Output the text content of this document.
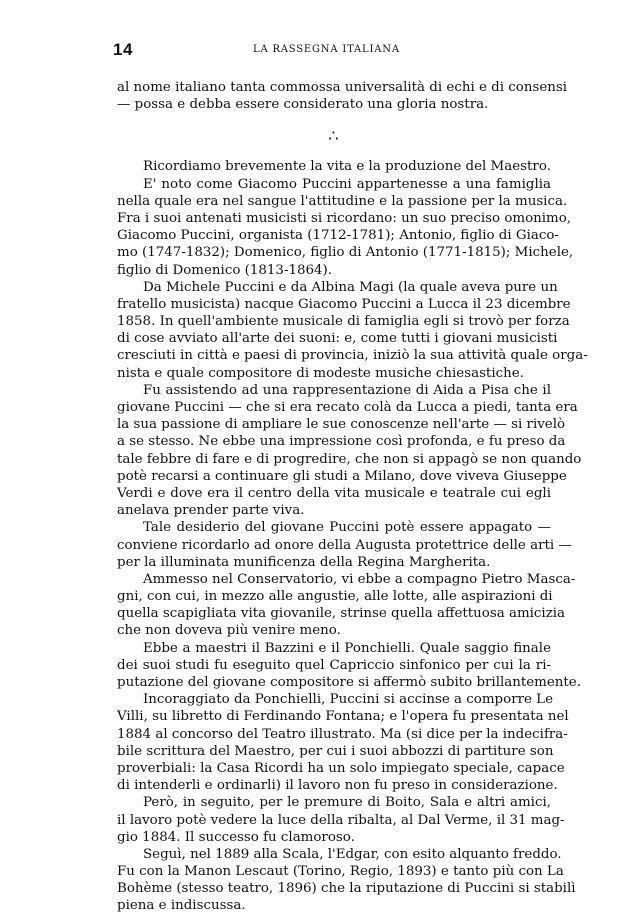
14	LA RASSEGNA ITALIANA
al nome italiano tanta commossa universalità di echi e di consensi
— possa e debba essere considerato una gloria nostra.
∴
Ricordiamo brevemente la vita e la produzione del Maestro.
E' noto come Giacomo Puccini appartenesse a una famiglia
nella quale era nel sangue l'attitudine e la passione per la musica.
Fra i suoi antenati musicisti si ricordano: un suo preciso omonimo,
Giacomo Puccini, organista (1712-1781); Antonio, figlio di Giaco-
mo (1747-1832); Domenico, figlio di Antonio (1771-1815); Michele,
figlio di Domenico (1813-1864).
Da Michele Puccini e da Albina Magi (la quale aveva pure un
fratello musicista) nacque Giacomo Puccini a Lucca il 23 dicembre
1858. In quell'ambiente musicale di famiglia egli si trovò per forza
di cose avviato all'arte dei suoni: e, come tutti i giovani musicisti
cresciuti in città e paesi di provincia, iniziò la sua attività quale orga-
nista e quale compositore di modeste musiche chiesastiche.
Fu assistendo ad una rappresentazione di Aida a Pisa che il
giovane Puccini — che si era recato colà da Lucca a piedi, tanta era
la sua passione di ampliare le sue conoscenze nell'arte — si rivelò
a se stesso. Ne ebbe una impressione così profonda, e fu preso da
tale febbre di fare e di progredire, che non si appagò se non quando
potè recarsi a continuare gli studi a Milano, dove viveva Giuseppe
Verdi e dove era il centro della vita musicale e teatrale cui egli
anelava prender parte viva.
Tale desiderio del giovane Puccini potè essere appagato —
conviene ricordarlo ad onore della Augusta protettrice delle arti —
per la illuminata munificenza della Regina Margherita.
Ammesso nel Conservatorio, vi ebbe a compagno Pietro Masca-
gni, con cui, in mezzo alle angustie, alle lotte, alle aspirazioni di
quella scapigliata vita giovanile, strinse quella affettuosa amicizia
che non doveva più venire meno.
Ebbe a maestri il Bazzini e il Ponchielli. Quale saggio finale
dei suoi studi fu eseguito quel Capriccio sinfonico per cui la ri-
putazione del giovane compositore si affermò subito brillantemente.
Incoraggiato da Ponchielli, Puccini si accinse a comporre Le
Villi, su libretto di Ferdinando Fontana; e l'opera fu presentata nel
1884 al concorso del Teatro illustrato. Ma (si dice per la indecifra-
bile scrittura del Maestro, per cui i suoi abbozzi di partiture son
proverbiali: la Casa Ricordi ha un solo impiegato speciale, capace
di intenderli e ordinarli) il lavoro non fu preso in considerazione.
Però, in seguito, per le premure di Boito, Sala e altri amici,
il lavoro potè vedere la luce della ribalta, al Dal Verme, il 31 mag-
gio 1884. Il successo fu clamoroso.
Seguì, nel 1889 alla Scala, l'Edgar, con esito alquanto freddo.
Fu con la Manon Lescaut (Torino, Regio, 1893) e tanto più con La
Bohème (stesso teatro, 1896) che la riputazione di Puccini si stabilì
piena e indiscussa.
